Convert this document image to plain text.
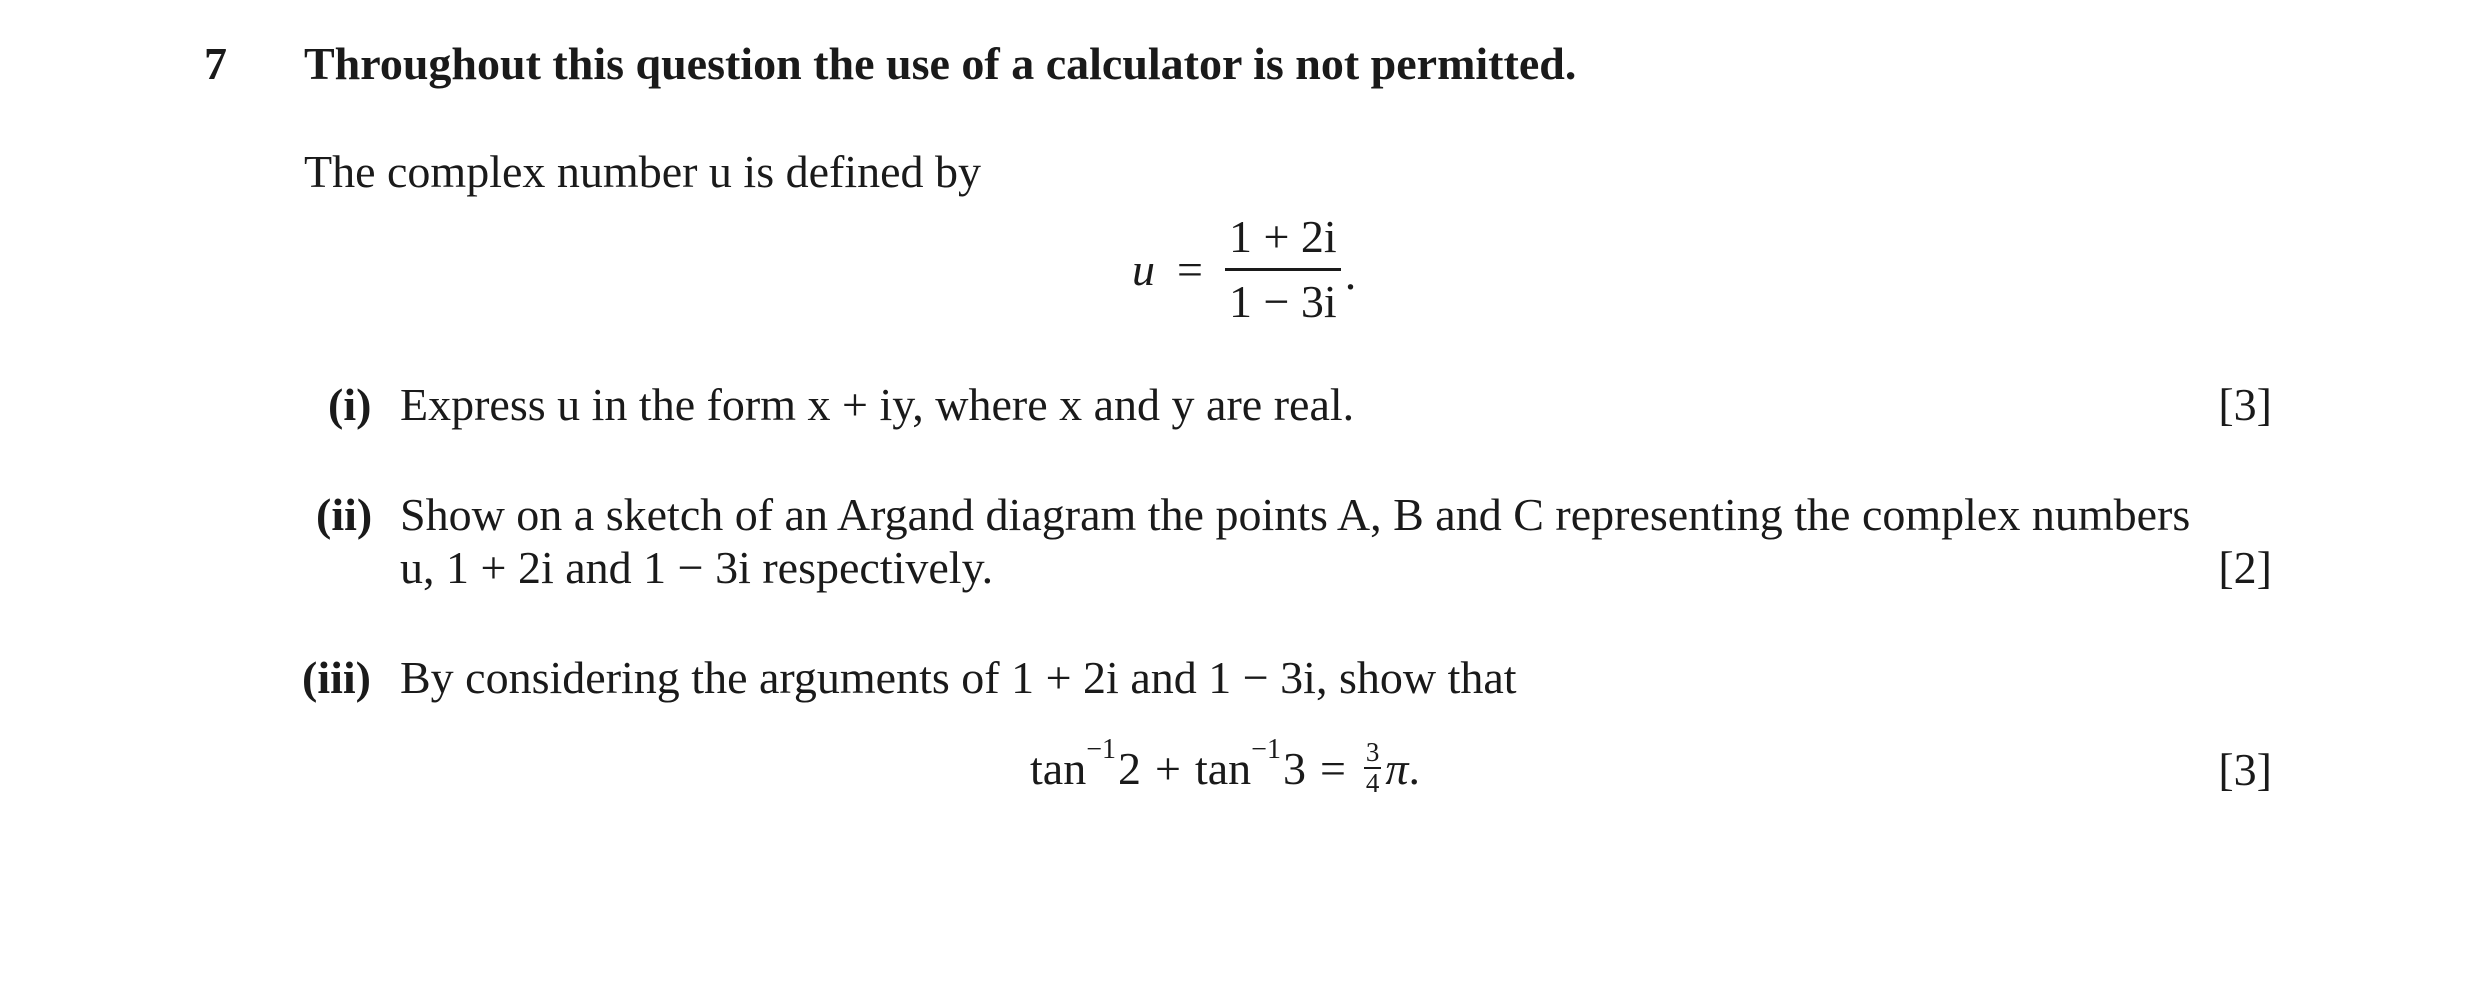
7 Throughout this question the use of a calculator is not permitted.
The complex number u is defined by
$u = \frac{1 + 2i}{1 - 3i}$ .
(i) Express u in the form x + iy, where x and y are real.	[3]
(ii) Show on a sketch of an Argand diagram the points A, B and C representing the complex numbers
u, 1 + 2i and 1 − 3i respectively.	[2]
(iii) By considering the arguments of 1 + 2i and 1 − 3i, show that
$\tan^{-1} 2 + \tan^{-1} 3 = \frac{3}{4}$ π .	[3]
